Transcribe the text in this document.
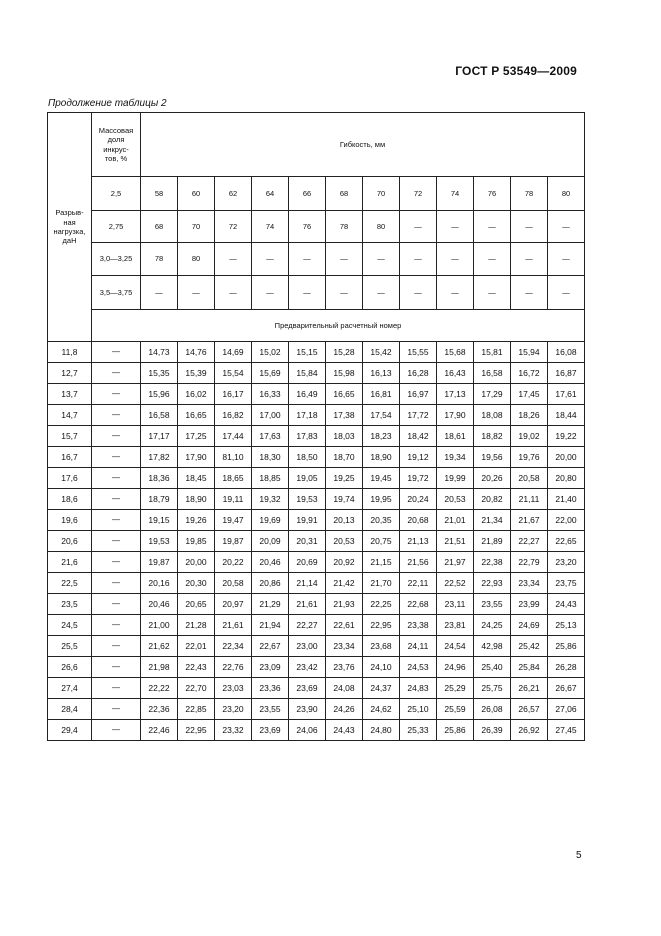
ГОСТ Р 53549—2009
Продолжение таблицы 2
Разрыв-
ная
нагрузка,
даН	Массовая
доля
инкрус-
тов, %	Гибкость, мм											
	2,5	58	60	62	64	66	68	70	72	74	76	78	80
	2,75	68	70	72	74	76	78	80	—	—	—	—	—
	3,0—3,25	78	80	—	—	—	—	—	—	—	—	—	—
	3,5—3,75	—	—	—	—	—	—	—	—	—	—	—	—
	Предварительный расчетный номер												
11,8	—	14,73	14,76	14,69	15,02	15,15	15,28	15,42	15,55	15,68	15,81	15,94	16,08
12,7	—	15,35	15,39	15,54	15,69	15,84	15,98	16,13	16,28	16,43	16,58	16,72	16,87
13,7	—	15,96	16,02	16,17	16,33	16,49	16,65	16,81	16,97	17,13	17,29	17,45	17,61
14,7	—	16,58	16,65	16,82	17,00	17,18	17,38	17,54	17,72	17,90	18,08	18,26	18,44
15,7	—	17,17	17,25	17,44	17,63	17,83	18,03	18,23	18,42	18,61	18,82	19,02	19,22
16,7	—	17,82	17,90	81,10	18,30	18,50	18,70	18,90	19,12	19,34	19,56	19,76	20,00
17,6	—	18,36	18,45	18,65	18,85	19,05	19,25	19,45	19,72	19,99	20,26	20,58	20,80
18,6	—	18,79	18,90	19,11	19,32	19,53	19,74	19,95	20,24	20,53	20,82	21,11	21,40
19,6	—	19,15	19,26	19,47	19,69	19,91	20,13	20,35	20,68	21,01	21,34	21,67	22,00
20,6	—	19,53	19,85	19,87	20,09	20,31	20,53	20,75	21,13	21,51	21,89	22,27	22,65
21,6	—	19,87	20,00	20,22	20,46	20,69	20,92	21,15	21,56	21,97	22,38	22,79	23,20
22,5	—	20,16	20,30	20,58	20,86	21,14	21,42	21,70	22,11	22,52	22,93	23,34	23,75
23,5	—	20,46	20,65	20,97	21,29	21,61	21,93	22,25	22,68	23,11	23,55	23,99	24,43
24,5	—	21,00	21,28	21,61	21,94	22,27	22,61	22,95	23,38	23,81	24,25	24,69	25,13
25,5	—	21,62	22,01	22,34	22,67	23,00	23,34	23,68	24,11	24,54	42,98	25,42	25,86
26,6	—	21,98	22,43	22,76	23,09	23,42	23,76	24,10	24,53	24,96	25,40	25,84	26,28
27,4	—	22,22	22,70	23,03	23,36	23,69	24,08	24,37	24,83	25,29	25,75	26,21	26,67
28,4	—	22,36	22,85	23,20	23,55	23,90	24,26	24,62	25,10	25,59	26,08	26,57	27,06
29,4	—	22,46	22,95	23,32	23,69	24,06	24,43	24,80	25,33	25,86	26,39	26,92	27,45
5
